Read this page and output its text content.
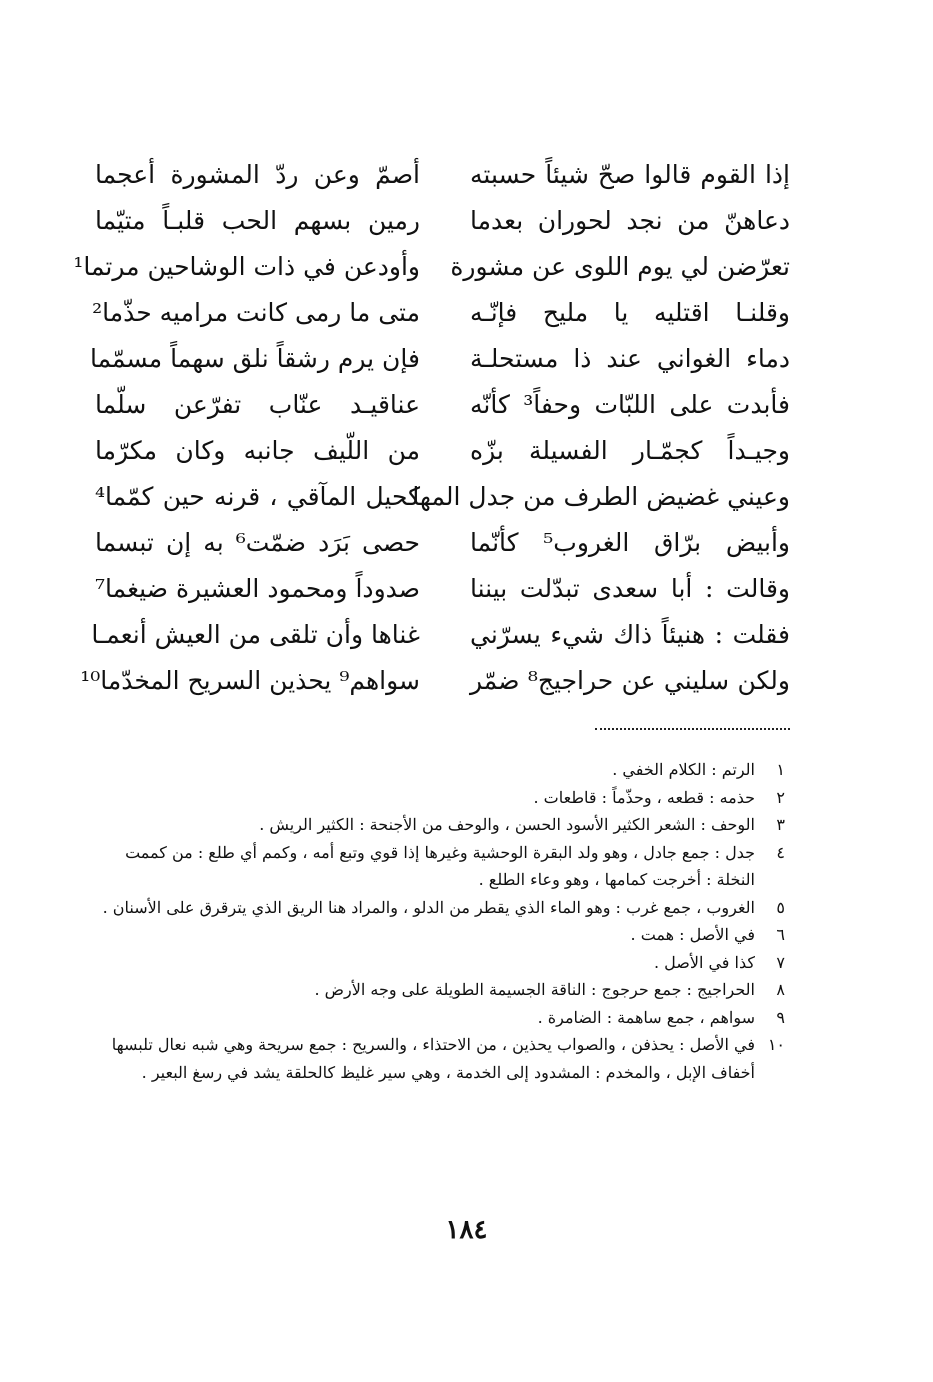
إذا القوم قالوا صحّ شيئاً حسبته
أصمّ وعن ردّ المشورة أعجما
دعاهنّ من نجد لحوران بعدما
رمين بسهم الحب قلبـاً متيّما
تعرّضن لي يوم اللوى عن مشورة
وأودعن في ذات الوشاحين مرتما¹
وقلنـا اقتليه يا مليح فإنّـه
متى ما رمى كانت مراميه حذّما²
دماء الغواني عند ذا مستحلـة
فإن يرم رشقاً نلق سهماً مسمّما
فأبدت على اللبّات وحفاً³ كأنّه
عناقيـد عنّاب تفرّعن سلّما
وجيـداً كجمّـار الفسيلة بزّه
من اللّيف جانبه وكان مكرّما
وعيني غضيض الطرف من جدل المها
كحيل المآقي ، قرنه حين كمّما⁴
وأبيض برّاق الغروب⁵ كأنّما
حصى بَرَد ضمّت⁶ به إن تبسما
وقالت : أبا سعدى تبدّلت بيننا
صدوداً ومحمود العشيرة ضيغما⁷
فقلت : هنيئاً ذاك شيء يسرّني
غناها وأن تلقى من العيش أنعمـا
ولكن سليني عن حراجيج⁸ ضمّر
سواهم⁹ يحذين السريح المخدّما¹⁰
١
الرتم : الكلام الخفي .
٢
حذمه : قطعه ، وحذّماً : قاطعات .
٣
الوحف : الشعر الكثير الأسود الحسن ، والوحف من الأجنحة : الكثير الريش .
٤
جدل : جمع جادل ، وهو ولد البقرة الوحشية وغيرها إذا قوي وتبع أمه ، وكمم أي طلع : من كممت النخلة : أخرجت كمامها ، وهو وعاء الطلع .
٥
الغروب ، جمع غرب : وهو الماء الذي يقطر من الدلو ، والمراد هنا الريق الذي يترقرق على الأسنان .
٦
في الأصل : همت .
٧
كذا في الأصل .
٨
الحراجيج : جمع حرجوج : الناقة الجسيمة الطويلة على وجه الأرض .
٩
سواهم ، جمع ساهمة : الضامرة .
١٠
في الأصل : يحذفن ، والصواب يحذين ، من الاحتذاء ، والسريح : جمع سريحة وهي شبه نعال تلبسها أخفاف الإبل ، والمخدم : المشدود إلى الخدمة ، وهي سير غليظ كالحلقة يشد في رسغ البعير .
١٨٤
